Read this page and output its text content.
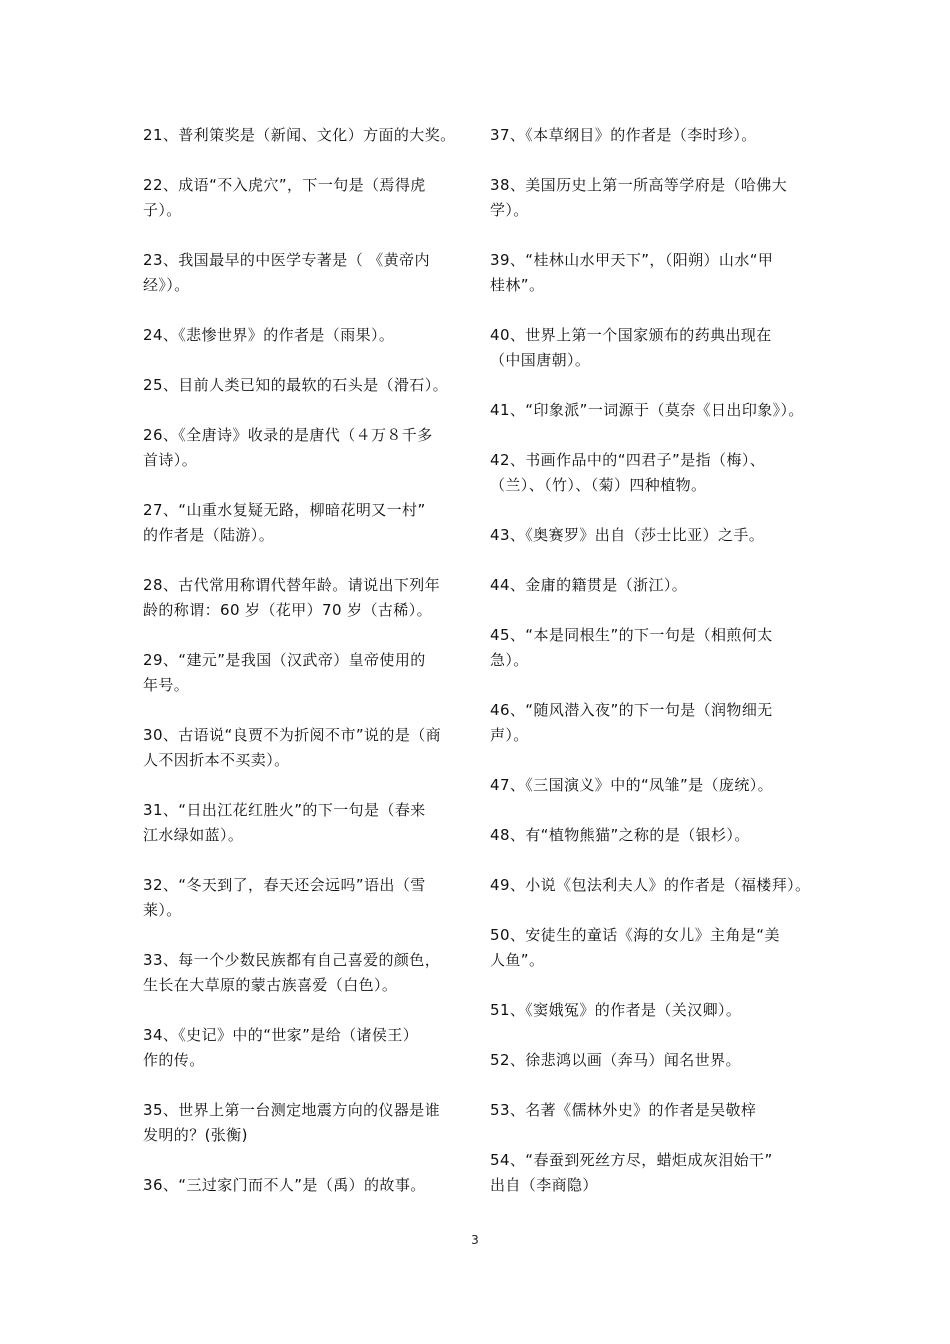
21、普利策奖是（新闻、文化）方面的大奖。
22、成语“不入虎穴”，下一句是（焉得虎
子）。
23、我国最早的中医学专著是（ 《黄帝内
经》）。
24、《悲惨世界》的作者是（雨果）。
25、目前人类已知的最软的石头是（滑石）。
26、《全唐诗》收录的是唐代（４万８千多
首诗）。
27、“山重水复疑无路，柳暗花明又一村”
的作者是（陆游）。
28、古代常用称谓代替年龄。请说出下列年
龄的称谓：60 岁（花甲）70 岁（古稀）。
29、“建元”是我国（汉武帝）皇帝使用的
年号。
30、古语说“良贾不为折阅不市”说的是（商
人不因折本不买卖）。
31、“日出江花红胜火”的下一句是（春来
江水绿如蓝）。
32、“冬天到了，春天还会远吗”语出（雪
莱）。
33、每一个少数民族都有自己喜爱的颜色，
生长在大草原的蒙古族喜爱（白色）。
34、《史记》中的“世家”是给（诸侯王）
作的传。
35、世界上第一台测定地震方向的仪器是谁
发明的？(张衡)
36、“三过家门而不人”是（禹）的故事。
37、《本草纲目》的作者是（李时珍）。
38、美国历史上第一所高等学府是（哈佛大
学）。
39、“桂林山水甲天下”，（阳朔）山水“甲
桂林”。
40、世界上第一个国家颁布的药典出现在
（中国唐朝）。
41、“印象派”一词源于（莫奈《日出印象》）。
42、书画作品中的“四君子”是指（梅）、
（兰）、（竹）、（菊）四种植物。
43、《奥赛罗》出自（莎士比亚）之手。
44、金庸的籍贯是（浙江）。
45、“本是同根生”的下一句是（相煎何太
急）。
46、“随风潜入夜”的下一句是（润物细无
声）。
47、《三国演义》中的“凤雏”是（庞统）。
48、有“植物熊猫”之称的是（银杉）。
49、小说《包法利夫人》的作者是（福楼拜）。
50、安徒生的童话《海的女儿》主角是“美
人鱼”。
51、《窦娥冤》的作者是（关汉卿）。
52、徐悲鸿以画（奔马）闻名世界。
53、名著《儒林外史》的作者是吴敬梓
54、“春蚕到死丝方尽，蜡炬成灰泪始干”
出自（李商隐）
3
